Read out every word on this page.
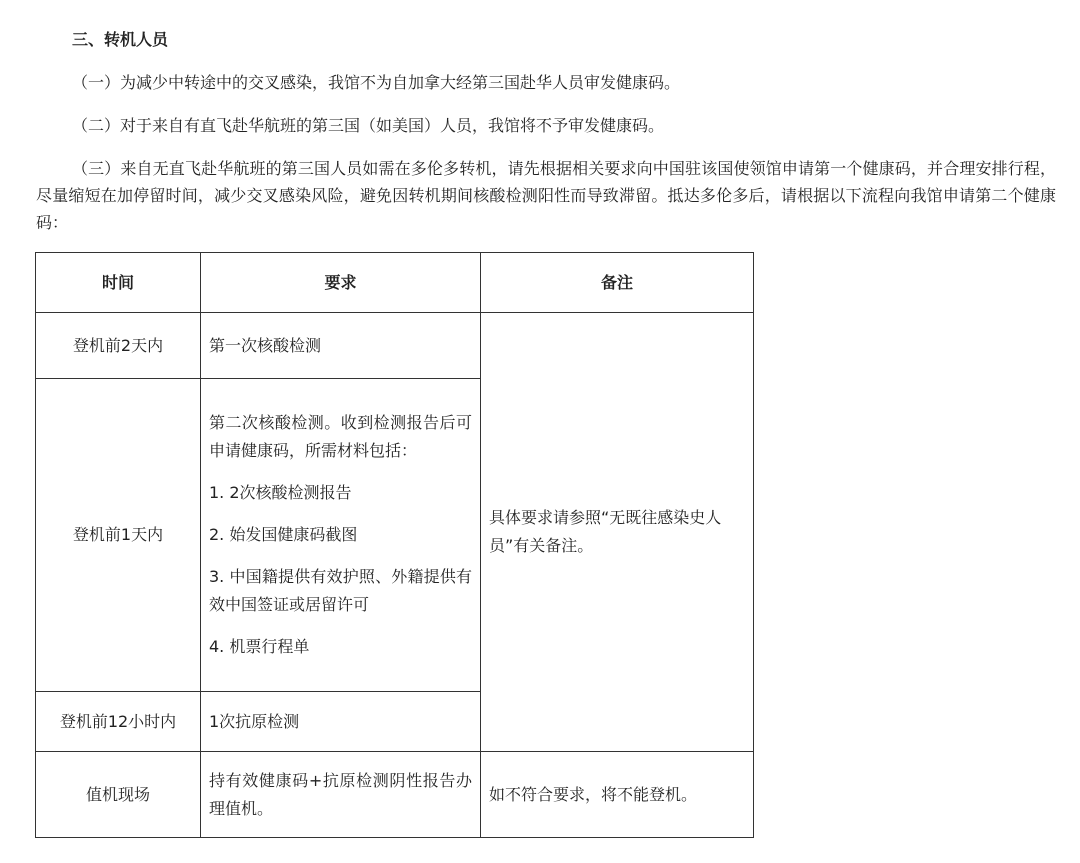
三、转机人员

（一）为减少中转途中的交叉感染，我馆不为自加拿大经第三国赴华人员审发健康码。

（二）对于来自有直飞赴华航班的第三国（如美国）人员，我馆将不予审发健康码。

（三）来自无直飞赴华航班的第三国人员如需在多伦多转机，请先根据相关要求向中国驻该国使领馆申请第一个健康码，并合理安排行程，尽量缩短在加停留时间，减少交叉感染风险，避免因转机期间核酸检测阳性而导致滞留。抵达多伦多后，请根据以下流程向我馆申请第二个健康码：

时间	要求	备注
登机前2天内	第一次核酸检测	具体要求请参照“无既往感染史人员”有关备注。
登机前1天内	第二次核酸检测。收到检测报告后可申请健康码，所需材料包括：

1. 2次核酸检测报告

2. 始发国健康码截图

3. 中国籍提供有效护照、外籍提供有效中国签证或居留许可

4. 机票行程单	

登机前12小时内	1次抗原检测	
值机现场	持有效健康码+抗原检测阴性报告办理值机。	如不符合要求，将不能登机。
